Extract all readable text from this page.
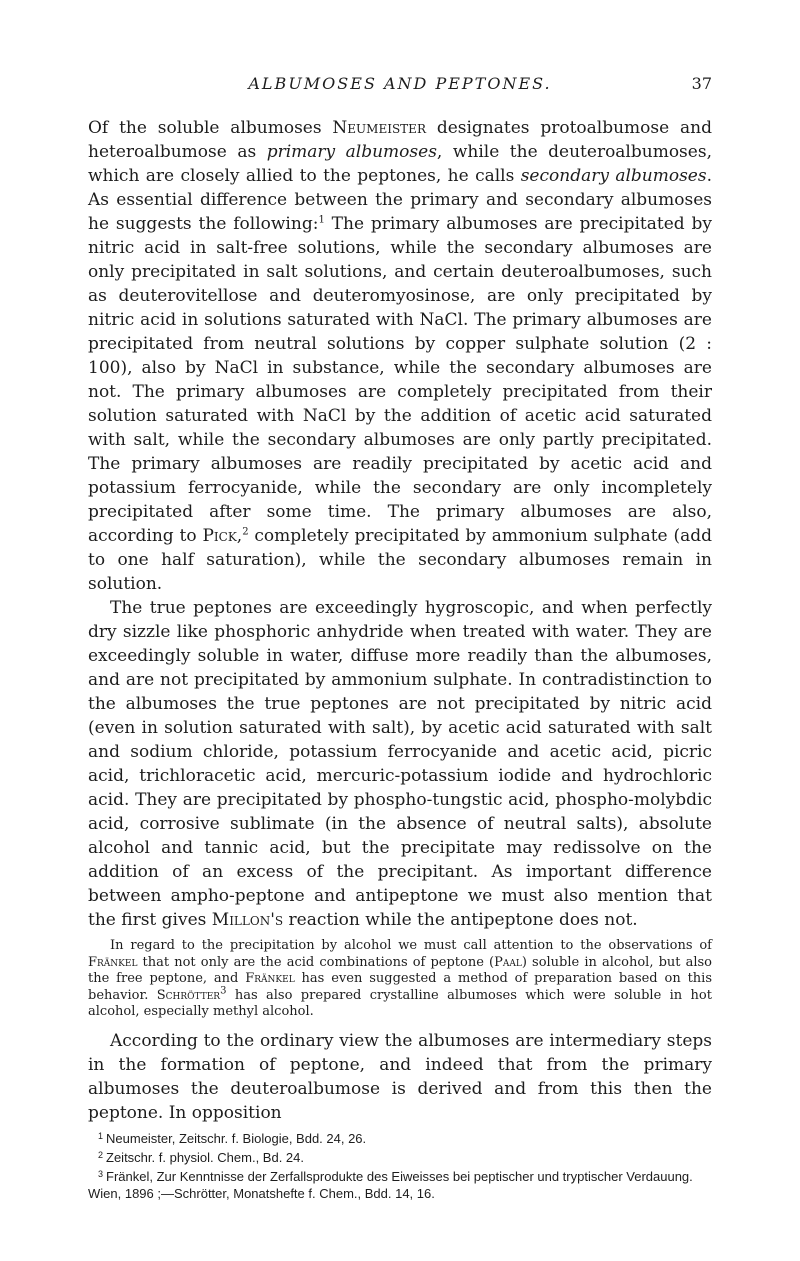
ALBUMOSES AND PEPTONES.	37

Of the soluble albumoses Neumeister designates protoalbumose and heteroalbumose as primary albumoses, while the deuteroalbumoses, which are closely allied to the peptones, he calls secondary albumoses. As essential difference between the primary and secondary albumoses he suggests the following:$^1$ The primary albumoses are precipitated by nitric acid in salt-free solutions, while the secondary albumoses are only precipitated in salt solutions, and certain deuteroalbumoses, such as deuterovitellose and deuteromyosinose, are only precipitated by nitric acid in solutions saturated with NaCl. The primary albumoses are precipitated from neutral solutions by copper sulphate solution (2 : 100), also by NaCl in substance, while the secondary albumoses are not. The primary albumoses are completely precipitated from their solution saturated with NaCl by the addition of acetic acid saturated with salt, while the secondary albumoses are only partly precipitated. The primary albumoses are readily precipitated by acetic acid and potassium ferrocyanide, while the secondary are only incompletely precipitated after some time. The primary albumoses are also, according to Pick,$^2$ completely precipitated by ammonium sulphate (add to one half saturation), while the secondary albumoses remain in solution.

The true peptones are exceedingly hygroscopic, and when perfectly dry sizzle like phosphoric anhydride when treated with water. They are exceedingly soluble in water, diffuse more readily than the albumoses, and are not precipitated by ammonium sulphate. In contradistinction to the albumoses the true peptones are not precipitated by nitric acid (even in solution saturated with salt), by acetic acid saturated with salt and sodium chloride, potassium ferrocyanide and acetic acid, picric acid, trichloracetic acid, mercuric-potassium iodide and hydrochloric acid. They are precipitated by phospho-tungstic acid, phospho-molybdic acid, corrosive sublimate (in the absence of neutral salts), absolute alcohol and tannic acid, but the precipitate may redissolve on the addition of an excess of the precipitant. As important difference between ampho-peptone and antipeptone we must also mention that the first gives Millon's reaction while the antipeptone does not.

In regard to the precipitation by alcohol we must call attention to the observations of Fränkel that not only are the acid combinations of peptone (Paal) soluble in alcohol, but also the free peptone, and Fränkel has even suggested a method of preparation based on this behavior. Schrötter$^3$ has also prepared crystalline albumoses which were soluble in hot alcohol, especially methyl alcohol.

According to the ordinary view the albumoses are intermediary steps in the formation of peptone, and indeed that from the primary albumoses the deuteroalbumose is derived and from this then the peptone. In opposition

$^1$ Neumeister, Zeitschr. f. Biologie, Bdd. 24, 26.

$^2$ Zeitschr. f. physiol. Chem., Bd. 24.

$^3$ Fränkel, Zur Kenntnisse der Zerfallsprodukte des Eiweisses bei peptischer und tryptischer Verdauung. Wien, 1896 ;—Schrötter, Monatshefte f. Chem., Bdd. 14, 16.
